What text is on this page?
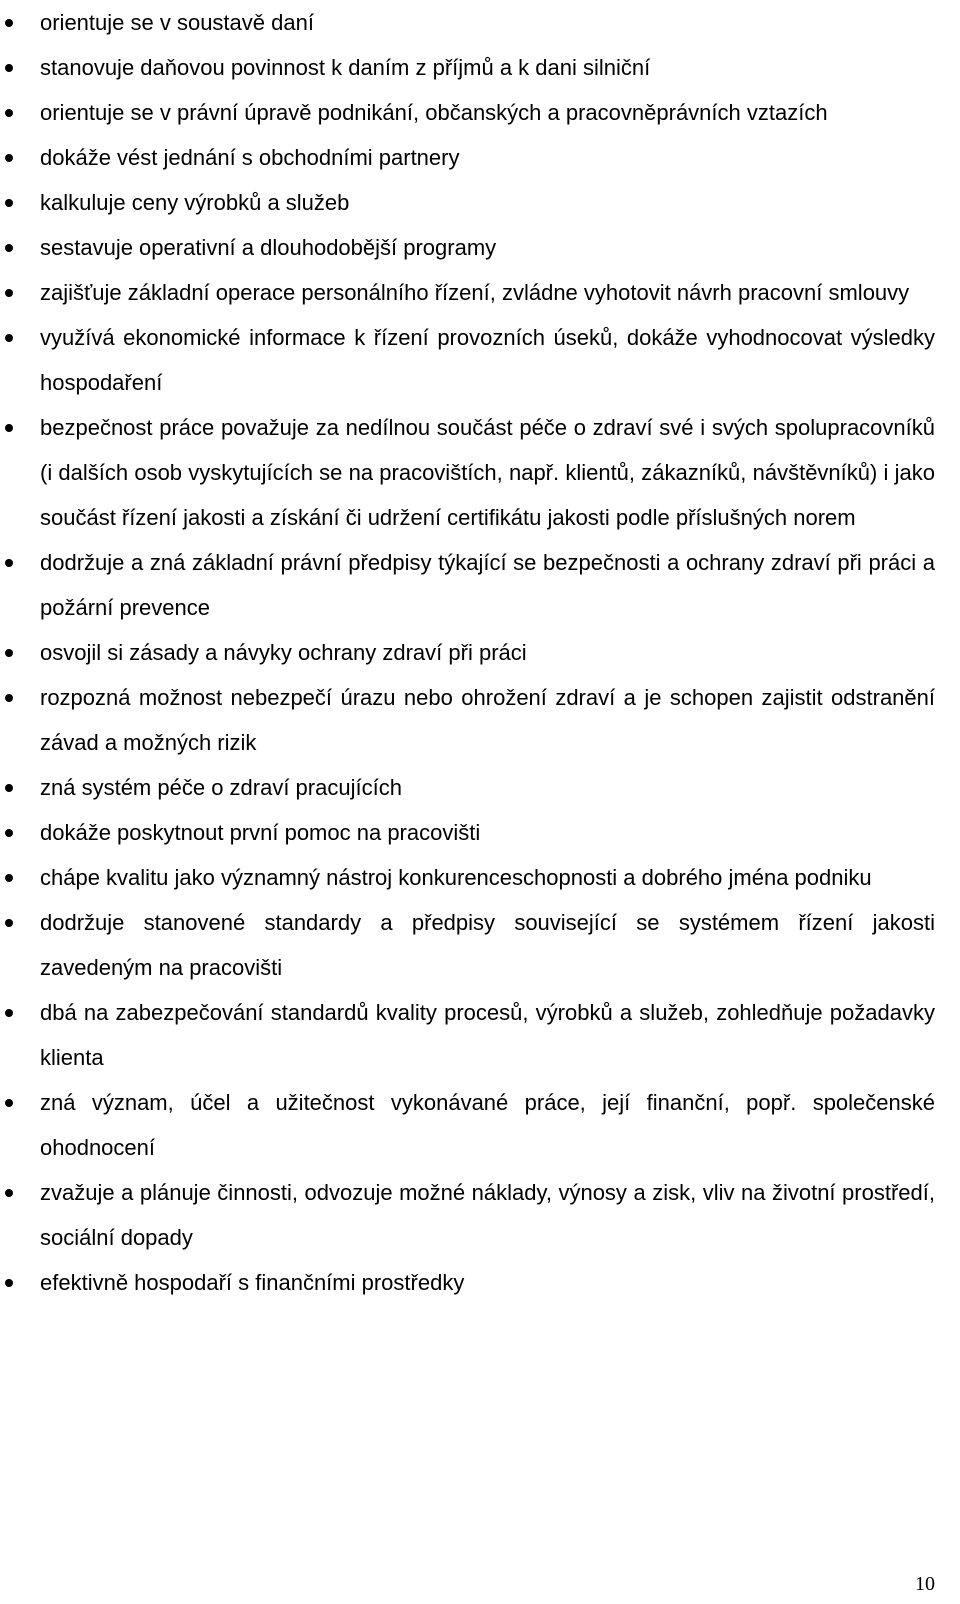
orientuje se v soustavě daní
stanovuje daňovou povinnost k daním z příjmů a k dani silniční
orientuje se v právní úpravě podnikání, občanských a pracovněprávních vztazích
dokáže vést jednání s obchodními partnery
kalkuluje ceny výrobků a služeb
sestavuje operativní a dlouhodobější programy
zajišťuje základní operace personálního řízení, zvládne vyhotovit návrh pracovní smlouvy
využívá ekonomické informace k řízení provozních úseků, dokáže vyhodnocovat výsledky hospodaření
bezpečnost práce považuje za nedílnou součást péče o zdraví své i svých spolupracovníků (i dalších osob vyskytujících se na pracovištích, např. klientů, zákazníků, návštěvníků) i jako součást řízení jakosti a získání či udržení certifikátu jakosti podle příslušných norem
dodržuje a zná základní právní předpisy týkající se bezpečnosti a ochrany zdraví při práci a požární prevence
osvojil si zásady a návyky ochrany zdraví při práci
rozpozná možnost nebezpečí úrazu nebo ohrožení zdraví a je schopen zajistit odstranění závad a možných rizik
zná systém péče o zdraví pracujících
dokáže poskytnout první pomoc na pracovišti
chápe kvalitu jako významný nástroj konkurenceschopnosti a dobrého jména podniku
dodržuje stanovené standardy a předpisy související se systémem řízení jakosti zavedeným na pracovišti
dbá na zabezpečování standardů kvality procesů, výrobků a služeb, zohledňuje požadavky klienta
zná význam, účel a užitečnost vykonávané práce, její finanční, popř. společenské ohodnocení
zvažuje a plánuje činnosti, odvozuje možné náklady, výnosy a zisk, vliv na životní prostředí, sociální dopady
efektivně hospodaří s finančními prostředky
10
